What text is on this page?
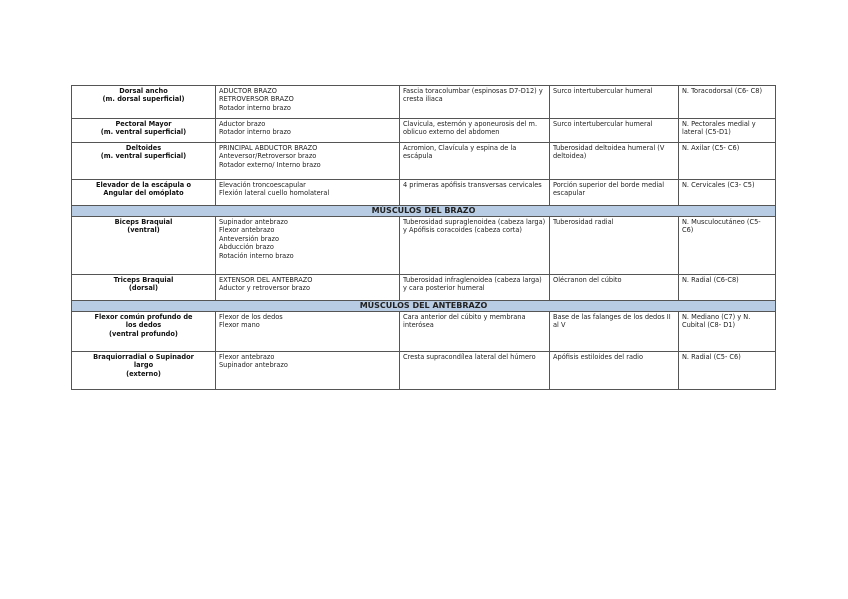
Dorsal ancho
(m. dorsal superficial)	ADUCTOR BRAZO
RETROVERSOR BRAZO
Rotador interno brazo	Fascia toracolumbar (espinosas D7-D12) y cresta iliaca	Surco intertubercular humeral	N. Toracodorsal (C6- C8)

Pectoral Mayor
(m. ventral superficial)	Aductor brazo
Rotador interno brazo	Clavicula, esternón y aponeurosis del m. oblicuo externo del abdomen	Surco intertubercular humeral	N. Pectorales medial y lateral (C5-D1)

Deltoides
(m. ventral superficial)	PRINCIPAL ABDUCTOR BRAZO
Anteversor/Retroversor brazo
Rotador externo/ Interno brazo	Acromion, Clavícula y espina de la escápula	Tuberosidad deltoidea humeral (V deltoidea)	N. Axilar (C5- C6)

Elevador de la escápula o
Angular del omóplato	Elevación troncoescapular
Flexión lateral cuello homolateral	4 primeras apófisis transversas cervicales	Porción superior del borde medial escapular	N. Cervicales (C3- C5)

MÚSCULOS DEL BRAZO				

Biceps Braquial
(ventral)	Supinador antebrazo
Flexor antebrazo
Anteversión brazo
Abducción brazo
Rotación interno brazo	Tuberosidad supraglenoidea (cabeza larga) y Apófisis coracoides (cabeza corta)	Tuberosidad radial	N. Musculocutáneo (C5-C6)

Triceps Braquial
(dorsal)	EXTENSOR DEL ANTEBRAZO
Aductor y retroversor brazo	Tuberosidad infraglenoidea (cabeza larga) y cara posterior humeral	Olécranon del cúbito	N. Radial (C6-C8)

MÚSCULOS DEL ANTEBRAZO				

Flexor común profundo de
los dedos
(ventral profundo)	Flexor de los dedos
Flexor mano	Cara anterior del cúbito y membrana interósea	Base de las falanges de los dedos II al V	N. Mediano (C7) y N. Cubital (C8- D1)

Braquiorradial o Supinador
largo
(externo)	Flexor antebrazo
Supinador antebrazo	Cresta supracondílea lateral del húmero	Apófisis estiloides del radio	N. Radial (C5- C6)
